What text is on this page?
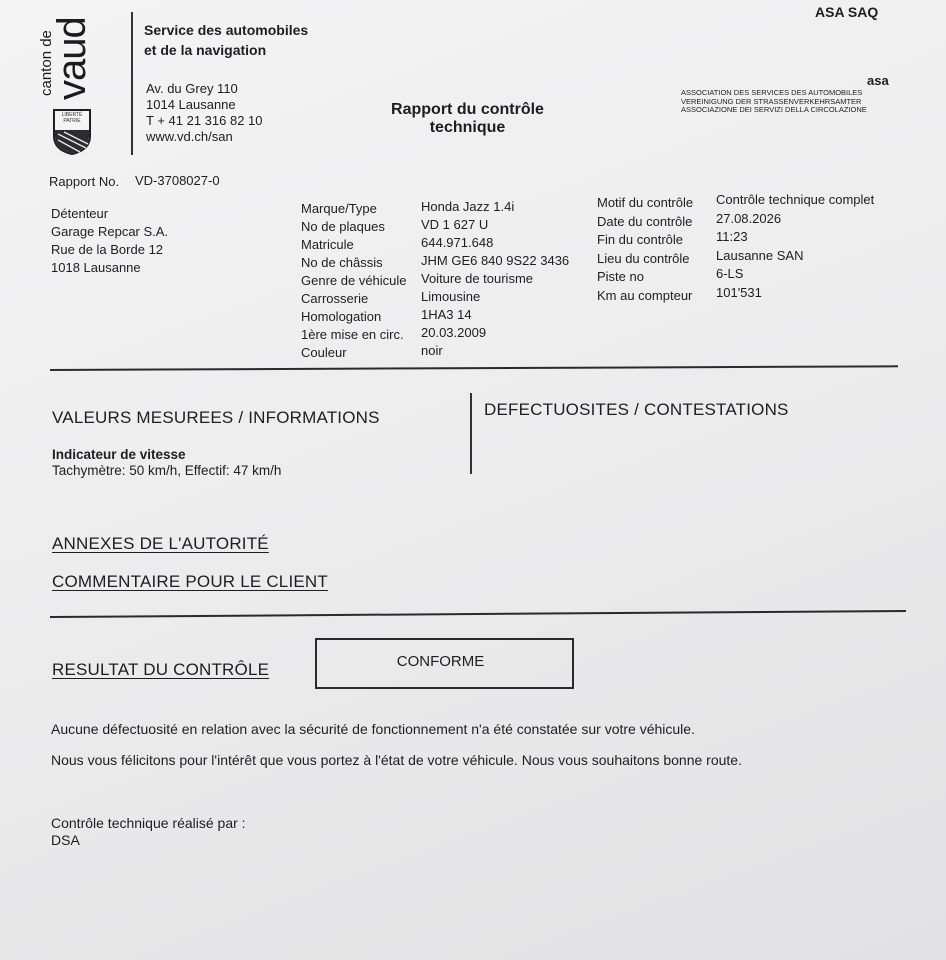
canton de
vaud
LIBERTÉ
PATRIE
Service des automobiles
et de la navigation
Av. du Grey 110
1014 Lausanne
T + 41 21 316 82 10
www.vd.ch/san
Rapport du contrôle
technique
ASA SAQ
asa
ASSOCIATION DES SERVICES DES AUTOMOBILES
VEREINIGUNG DER STRASSENVERKEHRSAMTER
ASSOCIAZIONE DEI SERVIZI DELLA CIRCOLAZIONE
Rapport No. VD-3708027-0
Détenteur
Garage Repcar S.A.
Rue de la Borde 12
1018 Lausanne
Marque/Type
No de plaques
Matricule
No de châssis
Genre de véhicule
Carrosserie
Homologation
1ère mise en circ.
Couleur
Honda Jazz 1.4i
VD 1 627 U
644.971.648
JHM GE6 840 9S22 3436
Voiture de tourisme
Limousine
1HA3 14
20.03.2009
noir
Motif du contrôle
Date du contrôle
Fin du contrôle
Lieu du contrôle
Piste no
Km au compteur
Contrôle technique complet
27.08.2026
11:23
Lausanne SAN
6-LS
101'531
VALEURS MESUREES / INFORMATIONS	DEFECTUOSITES / CONTESTATIONS
Indicateur de vitesse
Tachymètre: 50 km/h, Effectif: 47 km/h
ANNEXES DE L'AUTORITÉ
COMMENTAIRE POUR LE CLIENT
RESULTAT DU CONTRÔLE	CONFORME
Aucune défectuosité en relation avec la sécurité de fonctionnement n'a été constatée sur votre véhicule.
Nous vous félicitons pour l'intérêt que vous portez à l'état de votre véhicule. Nous vous souhaitons bonne route.
Contrôle technique réalisé par :
DSA
